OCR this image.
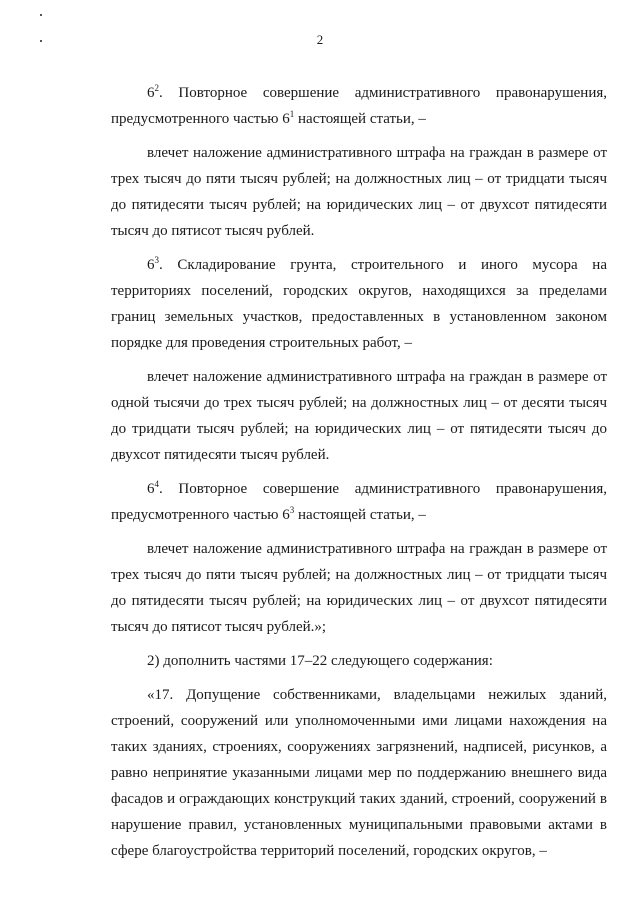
2

$6^2$. Повторное совершение административного правонарушения, предусмотренного частью $6^1$ настоящей статьи, –

влечет наложение административного штрафа на граждан в размере от трех тысяч до пяти тысяч рублей; на должностных лиц – от тридцати тысяч до пятидесяти тысяч рублей; на юридических лиц – от двухсот пятидесяти тысяч до пятисот тысяч рублей.

$6^3$. Складирование грунта, строительного и иного мусора на территориях поселений, городских округов, находящихся за пределами границ земельных участков, предоставленных в установленном законом порядке для проведения строительных работ, –

влечет наложение административного штрафа на граждан в размере от одной тысячи до трех тысяч рублей; на должностных лиц – от десяти тысяч до тридцати тысяч рублей; на юридических лиц – от пятидесяти тысяч до двухсот пятидесяти тысяч рублей.

$6^4$. Повторное совершение административного правонарушения, предусмотренного частью $6^3$ настоящей статьи, –

влечет наложение административного штрафа на граждан в размере от трех тысяч до пяти тысяч рублей; на должностных лиц – от тридцати тысяч до пятидесяти тысяч рублей; на юридических лиц – от двухсот пятидесяти тысяч до пятисот тысяч рублей.»;

2) дополнить частями 17–22 следующего содержания:

«17. Допущение собственниками, владельцами нежилых зданий, строений, сооружений или уполномоченными ими лицами нахождения на таких зданиях, строениях, сооружениях загрязнений, надписей, рисунков, а равно непринятие указанными лицами мер по поддержанию внешнего вида фасадов и ограждающих конструкций таких зданий, строений, сооружений в нарушение правил, установленных муниципальными правовыми актами в сфере благоустройства территорий поселений, городских округов, –
